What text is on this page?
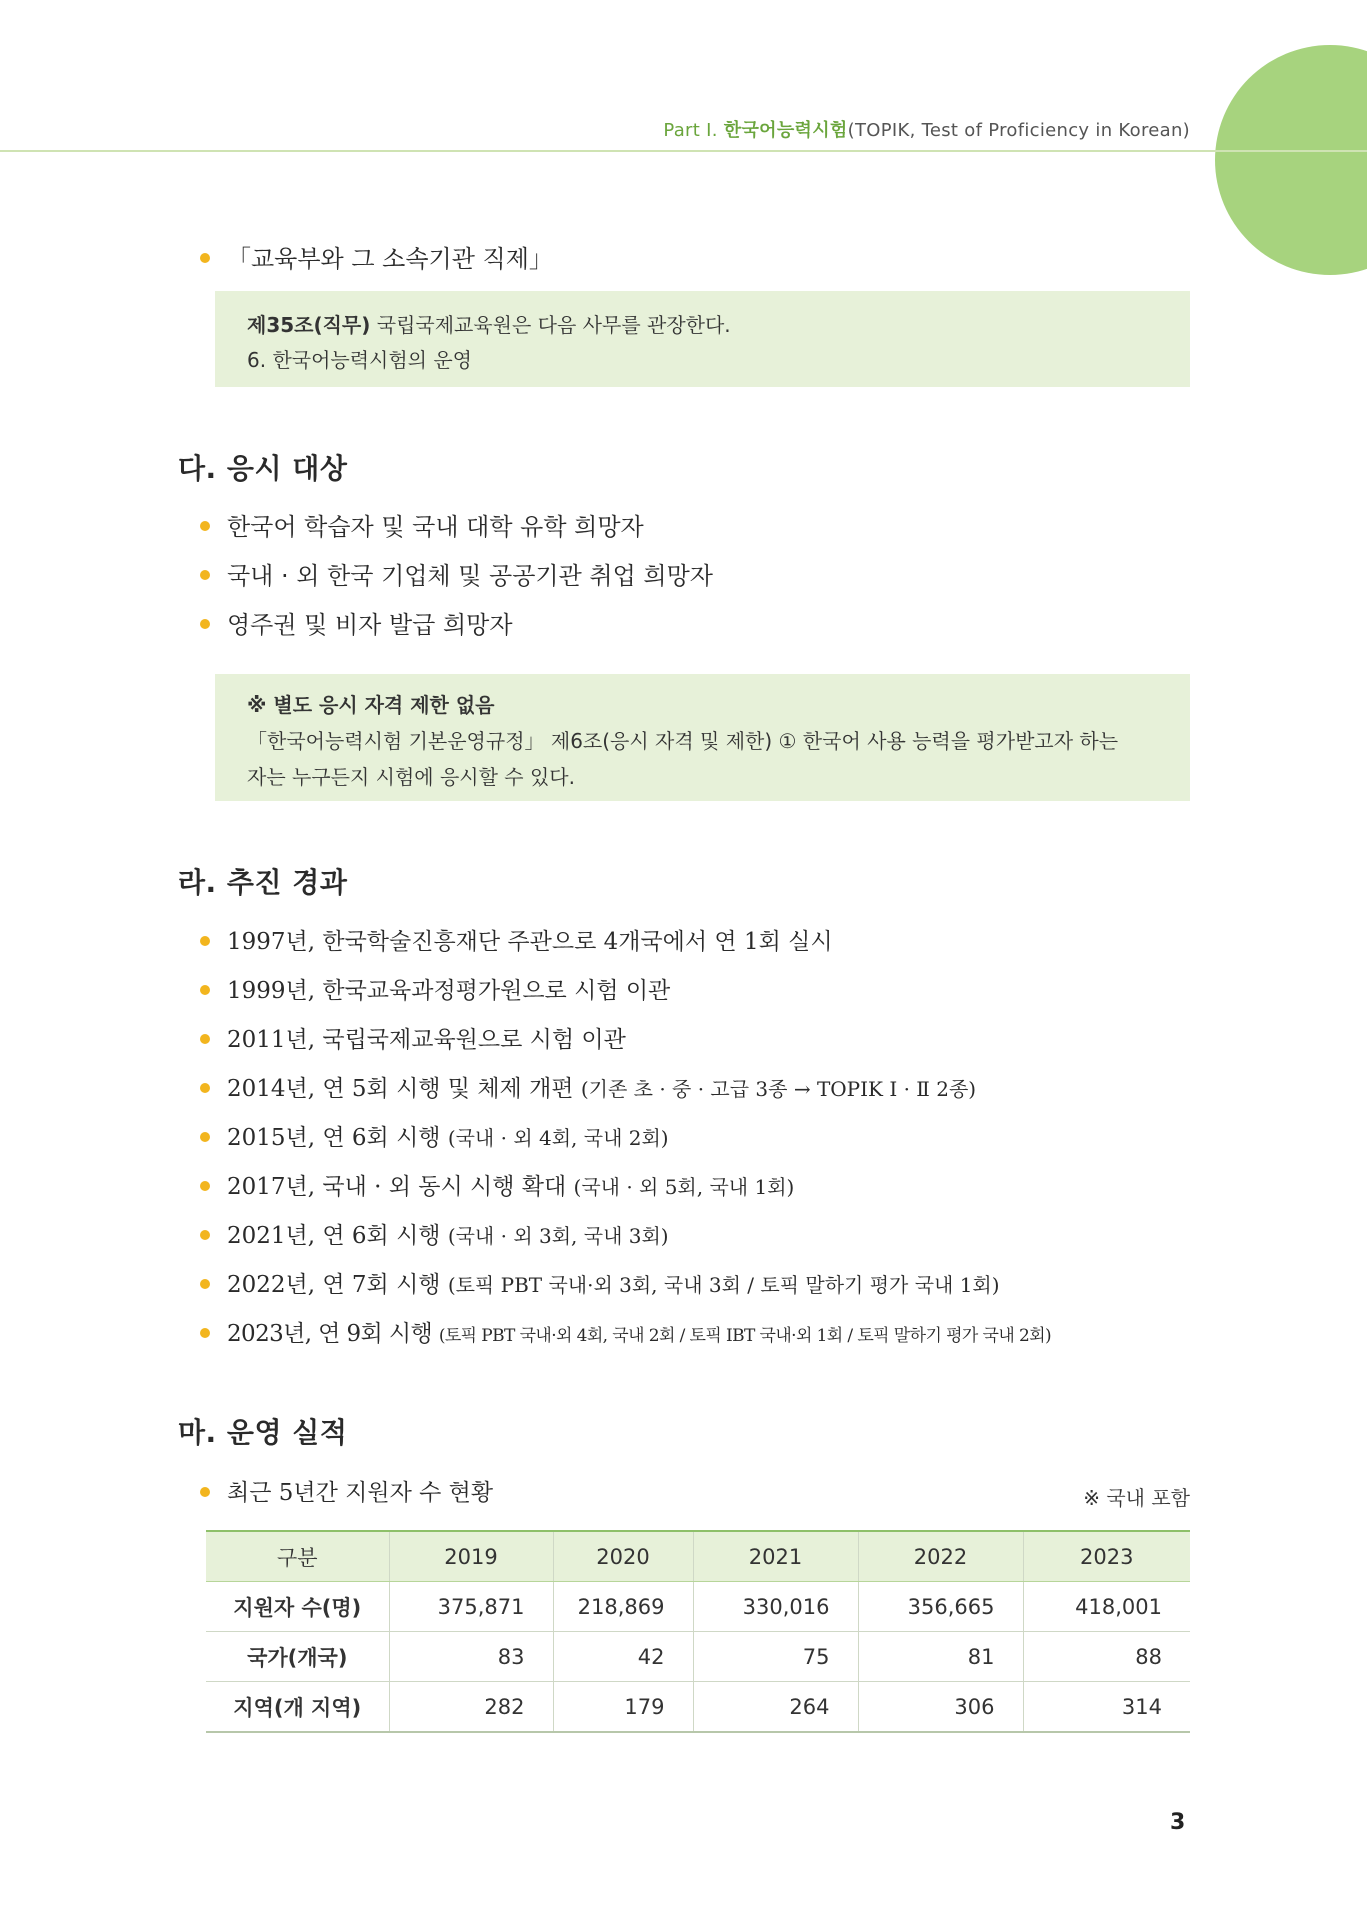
Part Ⅰ. 한국어능력시험(TOPIK, Test of Proficiency in Korean)
「교육부와 그 소속기관 직제」
제35조(직무) 국립국제교육원은 다음 사무를 관장한다.
6. 한국어능력시험의 운영
다. 응시 대상
한국어 학습자 및 국내 대학 유학 희망자
국내 · 외 한국 기업체 및 공공기관 취업 희망자
영주권 및 비자 발급 희망자
※ 별도 응시 자격 제한 없음
「한국어능력시험 기본운영규정」 제6조(응시 자격 및 제한) ① 한국어 사용 능력을 평가받고자 하는
자는 누구든지 시험에 응시할 수 있다.
라. 추진 경과
1997년, 한국학술진흥재단 주관으로 4개국에서 연 1회 실시
1999년, 한국교육과정평가원으로 시험 이관
2011년, 국립국제교육원으로 시험 이관
2014년, 연 5회 시행 및 체제 개편 (기존 초 · 중 · 고급 3종 → TOPIK Ⅰ · Ⅱ 2종)
2015년, 연 6회 시행 (국내 · 외 4회, 국내 2회)
2017년, 국내 · 외 동시 시행 확대 (국내 · 외 5회, 국내 1회)
2021년, 연 6회 시행 (국내 · 외 3회, 국내 3회)
2022년, 연 7회 시행 (토픽 PBT 국내·외 3회, 국내 3회 / 토픽 말하기 평가 국내 1회)
2023년, 연 9회 시행 (토픽 PBT 국내·외 4회, 국내 2회 / 토픽 IBT 국내·외 1회 / 토픽 말하기 평가 국내 2회)
마. 운영 실적
최근 5년간 지원자 수 현황	※ 국내 포함
구분	2019	2020	2021	2022	2023
지원자 수(명)	375,871	218,869	330,016	356,665	418,001
국가(개국)	83	42	75	81	88
지역(개 지역)	282	179	264	306	314
3
